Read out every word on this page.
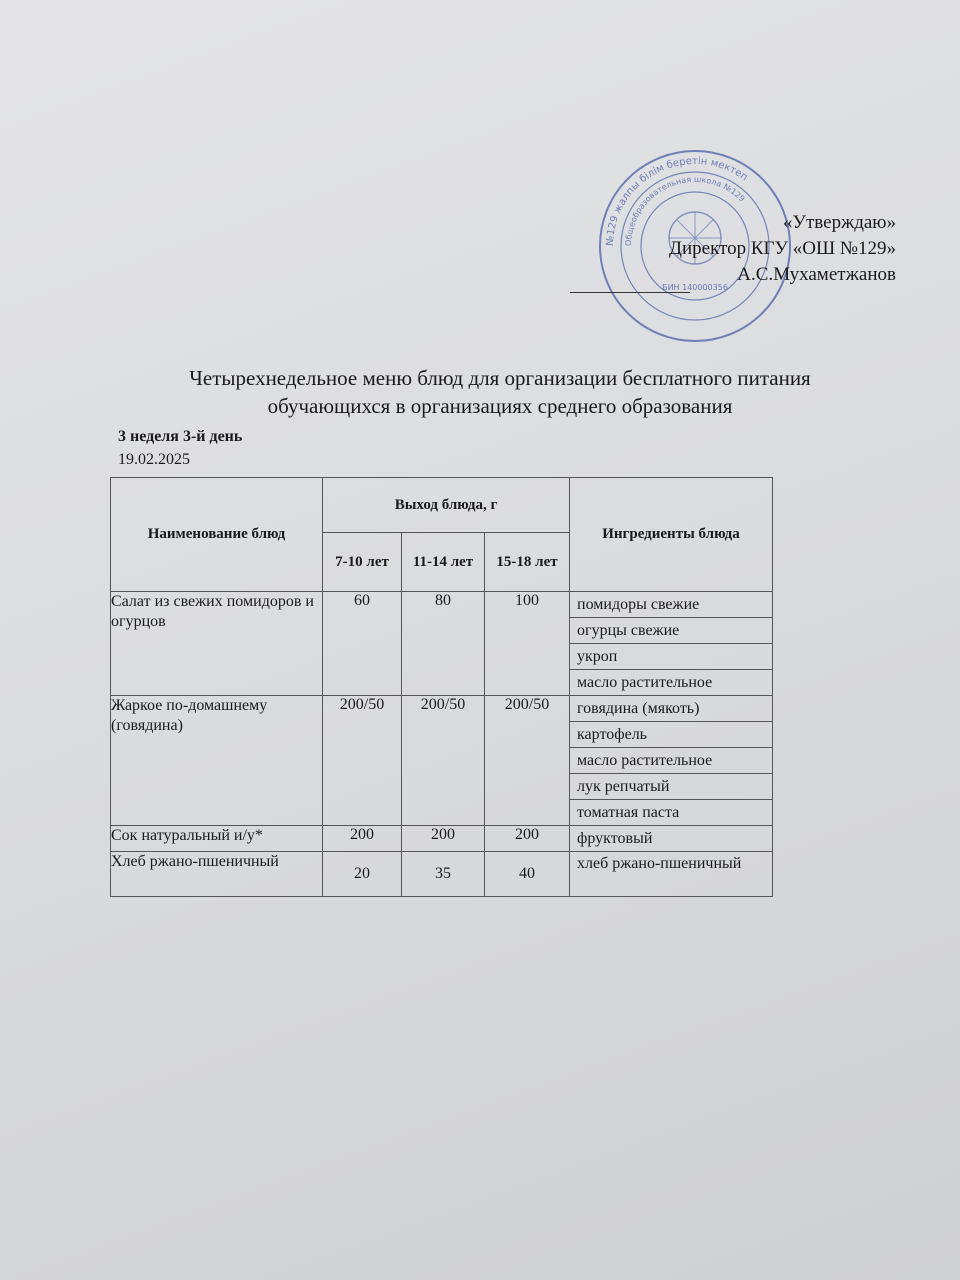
№129 жалпы білім беретін мектеп
Общеобразовательная школа №129
БИН 140000356
«Утверждаю»
Директор КГУ «ОШ №129»
А.С.Мухаметжанов
Четырехнедельное меню блюд для организации бесплатного питания
обучающихся в организациях среднего образования
3 неделя 3-й день
19.02.2025
Наименование блюд	Выход блюда, г			Ингредиенты блюда
	7-10 лет	11-14 лет	15-18 лет	
Салат из свежих помидоров и огурцов	60	80	100	помидоры свежие
огурцы свежие
укроп
масло растительное

Жаркое по-домашнему (говядина)	200/50	200/50	200/50	говядина (мякоть)
картофель
масло растительное
лук репчатый
томатная паста

Сок натуральный и/у*	200	200	200	фруктовый

Хлеб ржано-пшеничный	20	35	40	хлеб ржано-пшеничный
